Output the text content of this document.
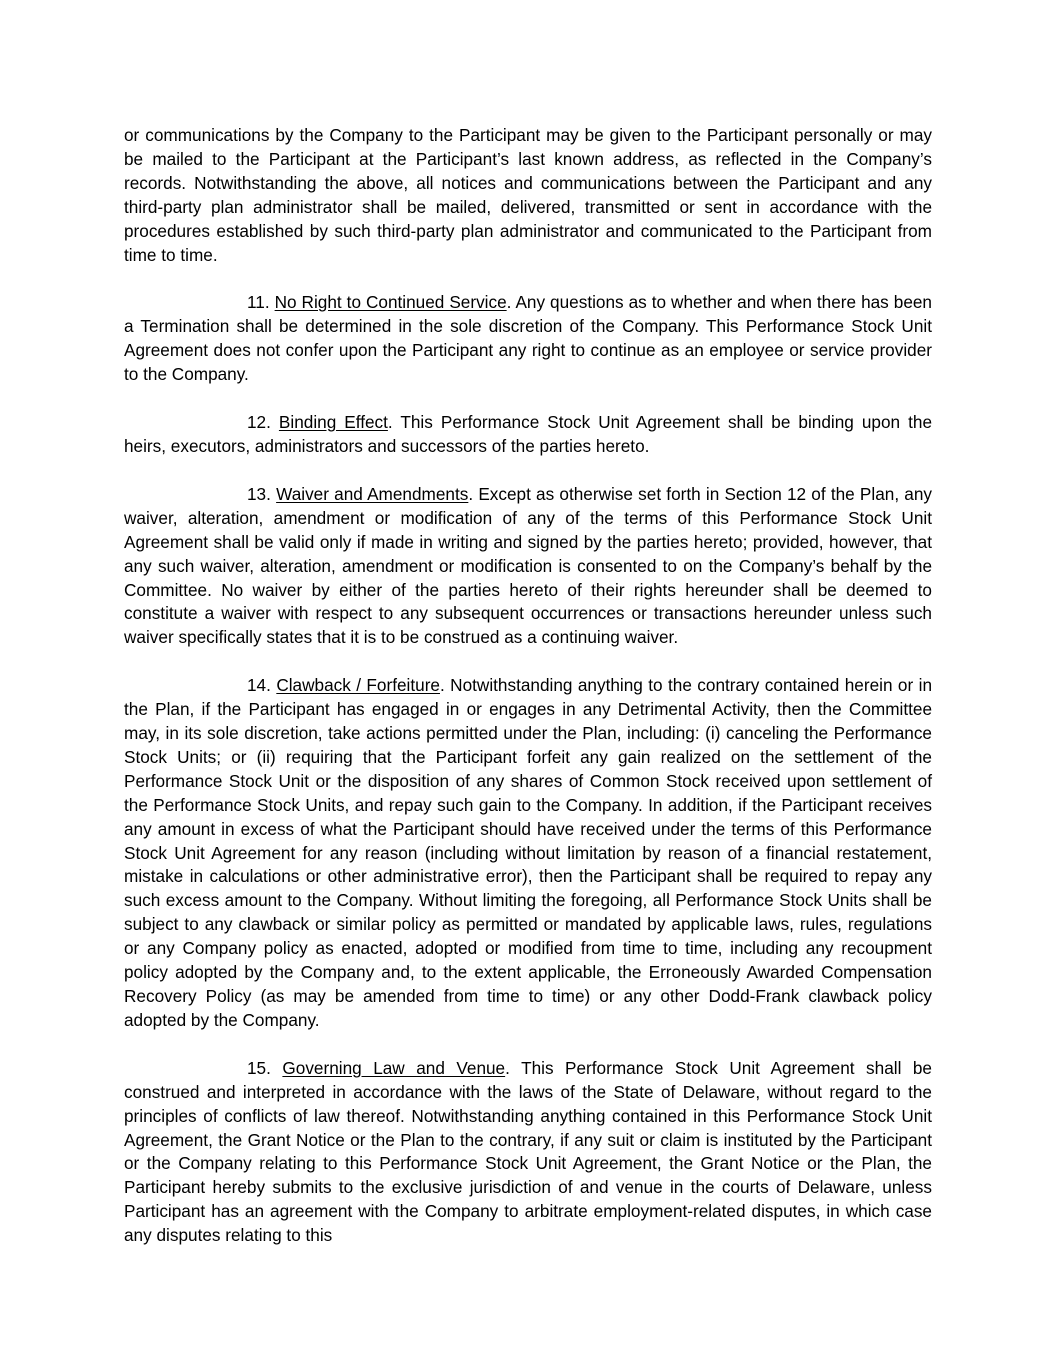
or communications by the Company to the Participant may be given to the Participant personally or may be mailed to the Participant at the Participant’s last known address, as reflected in the Company’s records. Notwithstanding the above, all notices and communications between the Participant and any third-party plan administrator shall be mailed, delivered, transmitted or sent in accordance with the procedures established by such third-party plan administrator and communicated to the Participant from time to time.

11. No Right to Continued Service. Any questions as to whether and when there has been a Termination shall be determined in the sole discretion of the Company. This Performance Stock Unit Agreement does not confer upon the Participant any right to continue as an employee or service provider to the Company.

12. Binding Effect. This Performance Stock Unit Agreement shall be binding upon the heirs, executors, administrators and successors of the parties hereto.

13. Waiver and Amendments. Except as otherwise set forth in Section 12 of the Plan, any waiver, alteration, amendment or modification of any of the terms of this Performance Stock Unit Agreement shall be valid only if made in writing and signed by the parties hereto; provided, however, that any such waiver, alteration, amendment or modification is consented to on the Company’s behalf by the Committee. No waiver by either of the parties hereto of their rights hereunder shall be deemed to constitute a waiver with respect to any subsequent occurrences or transactions hereunder unless such waiver specifically states that it is to be construed as a continuing waiver.

14. Clawback / Forfeiture. Notwithstanding anything to the contrary contained herein or in the Plan, if the Participant has engaged in or engages in any Detrimental Activity, then the Committee may, in its sole discretion, take actions permitted under the Plan, including: (i) canceling the Performance Stock Units; or (ii) requiring that the Participant forfeit any gain realized on the settlement of the Performance Stock Unit or the disposition of any shares of Common Stock received upon settlement of the Performance Stock Units, and repay such gain to the Company. In addition, if the Participant receives any amount in excess of what the Participant should have received under the terms of this Performance Stock Unit Agreement for any reason (including without limitation by reason of a financial restatement, mistake in calculations or other administrative error), then the Participant shall be required to repay any such excess amount to the Company. Without limiting the foregoing, all Performance Stock Units shall be subject to any clawback or similar policy as permitted or mandated by applicable laws, rules, regulations or any Company policy as enacted, adopted or modified from time to time, including any recoupment policy adopted by the Company and, to the extent applicable, the Erroneously Awarded Compensation Recovery Policy (as may be amended from time to time) or any other Dodd-Frank clawback policy adopted by the Company.

15. Governing Law and Venue. This Performance Stock Unit Agreement shall be construed and interpreted in accordance with the laws of the State of Delaware, without regard to the principles of conflicts of law thereof. Notwithstanding anything contained in this Performance Stock Unit Agreement, the Grant Notice or the Plan to the contrary, if any suit or claim is instituted by the Participant or the Company relating to this Performance Stock Unit Agreement, the Grant Notice or the Plan, the Participant hereby submits to the exclusive jurisdiction of and venue in the courts of Delaware, unless Participant has an agreement with the Company to arbitrate employment-related disputes, in which case any disputes relating to this
